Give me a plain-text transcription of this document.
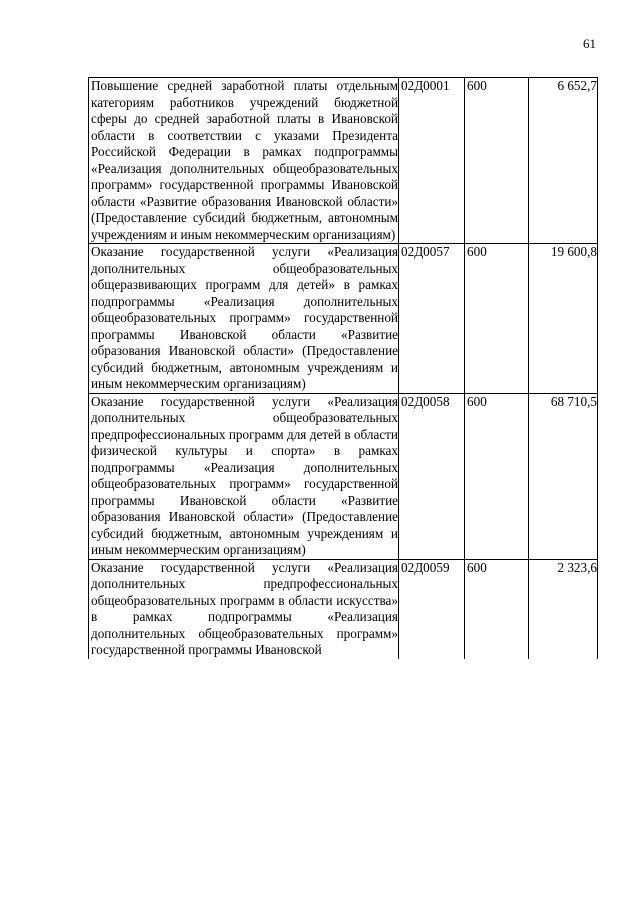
61
Повышение средней заработной платы отдельным категориям работников учреждений бюджетной сферы до средней заработной платы в Ивановской области в соответствии с указами Президента Российской Федерации в рамках подпрограммы «Реализация дополнительных общеобразовательных программ» государственной программы Ивановской области «Развитие образования Ивановской области» (Предоставление субсидий бюджетным, автономным учреждениям и иным некоммерческим организациям)	02Д0001	600	6 652,7
Оказание государственной услуги «Реализация дополнительных общеобразовательных общеразвивающих программ для детей» в рамках подпрограммы «Реализация дополнительных общеобразовательных программ» государственной программы Ивановской области «Развитие образования Ивановской области» (Предоставление субсидий бюджетным, автономным учреждениям и иным некоммерческим организациям)	02Д0057	600	19 600,8
Оказание государственной услуги «Реализация дополнительных общеобразовательных предпрофессиональных программ для детей в области физической культуры и спорта» в рамках подпрограммы «Реализация дополнительных общеобразовательных программ» государственной программы Ивановской области «Развитие образования Ивановской области» (Предоставление субсидий бюджетным, автономным учреждениям и иным некоммерческим организациям)	02Д0058	600	68 710,5
Оказание государственной услуги «Реализация дополнительных предпрофессиональных общеобразовательных программ в области искусства» в рамках подпрограммы «Реализация дополнительных общеобразовательных программ» государственной программы Ивановской	02Д0059	600	2 323,6
